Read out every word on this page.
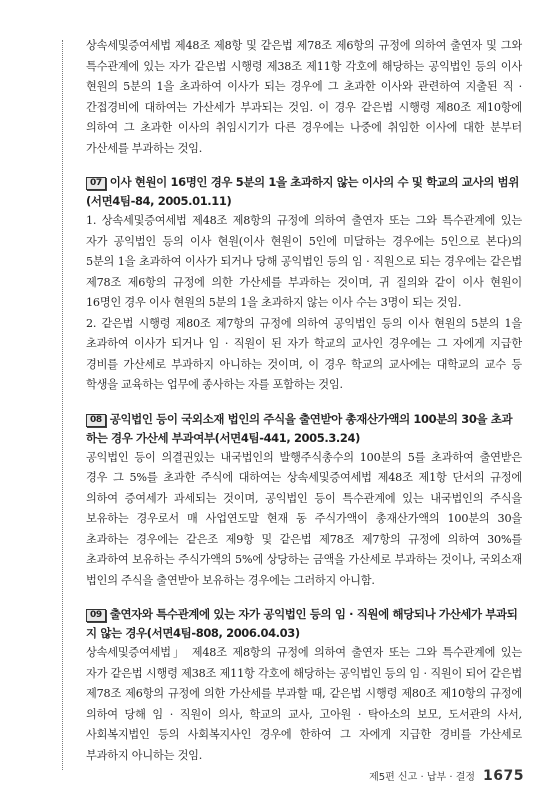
상속세및증여세법 제48조 제8항 및 같은법 제78조 제6항의 규정에 의하여 출연자 및 그와 특수관계에 있는 자가 같은법 시행령 제38조 제11항 각호에 해당하는 공익법인 등의 이사 현원의 5분의 1을 초과하여 이사가 되는 경우에 그 초과한 이사와 관련하여 지출된 직 · 간접경비에 대하여는 가산세가 부과되는 것임. 이 경우 같은법 시행령 제80조 제10항에 의하여 그 초과한 이사의 취임시기가 다른 경우에는 나중에 취임한 이사에 대한 분부터 가산세를 부과하는 것임.

07 이사 현원이 16명인 경우 5분의 1을 초과하지 않는 이사의 수 및 학교의 교사의 범위(서면4팀-84, 2005.01.11)

1. 상속세및증여세법 제48조 제8항의 규정에 의하여 출연자 또는 그와 특수관계에 있는 자가 공익법인 등의 이사 현원(이사 현원이 5인에 미달하는 경우에는 5인으로 본다)의 5분의 1을 초과하여 이사가 되거나 당해 공익법인 등의 임 · 직원으로 되는 경우에는 같은법 제78조 제6항의 규정에 의한 가산세를 부과하는 것이며, 귀 질의와 같이 이사 현원이 16명인 경우 이사 현원의 5분의 1을 초과하지 않는 이사 수는 3명이 되는 것임.

2. 같은법 시행령 제80조 제7항의 규정에 의하여 공익법인 등의 이사 현원의 5분의 1을 초과하여 이사가 되거나 임 · 직원이 된 자가 학교의 교사인 경우에는 그 자에게 지급한 경비를 가산세로 부과하지 아니하는 것이며, 이 경우 학교의 교사에는 대학교의 교수 등 학생을 교육하는 업무에 종사하는 자를 포함하는 것임.

08 공익법인 등이 국외소재 법인의 주식을 출연받아 총재산가액의 100분의 30을 초과하는 경우 가산세 부과여부(서면4팀-441, 2005.3.24)

공익법인 등이 의결권있는 내국법인의 발행주식총수의 100분의 5를 초과하여 출연받은 경우 그 5%를 초과한 주식에 대하여는 상속세및증여세법 제48조 제1항 단서의 규정에 의하여 증여세가 과세되는 것이며, 공익법인 등이 특수관계에 있는 내국법인의 주식을 보유하는 경우로서 매 사업연도말 현재 동 주식가액이 총재산가액의 100분의 30을 초과하는 경우에는 같은조 제9항 및 같은법 제78조 제7항의 규정에 의하여 30%를 초과하여 보유하는 주식가액의 5%에 상당하는 금액을 가산세로 부과하는 것이나, 국외소재 법인의 주식을 출연받아 보유하는 경우에는 그러하지 아니함.

09 출연자와 특수관계에 있는 자가 공익법인 등의 임 · 직원에 해당되나 가산세가 부과되지 않는 경우(서면4팀-808, 2006.04.03)

상속세및증여세법」 제48조 제8항의 규정에 의하여 출연자 또는 그와 특수관계에 있는 자가 같은법 시행령 제38조 제11항 각호에 해당하는 공익법인 등의 임 · 직원이 되어 같은법 제78조 제6항의 규정에 의한 가산세를 부과할 때, 같은법 시행령 제80조 제10항의 규정에 의하여 당해 임 · 직원이 의사, 학교의 교사, 고아원 · 탁아소의 보모, 도서관의 사서, 사회복지법인 등의 사회복지사인 경우에 한하여 그 자에게 지급한 경비를 가산세로 부과하지 아니하는 것임.

제5편 신고 · 납부 · 결정 1675
